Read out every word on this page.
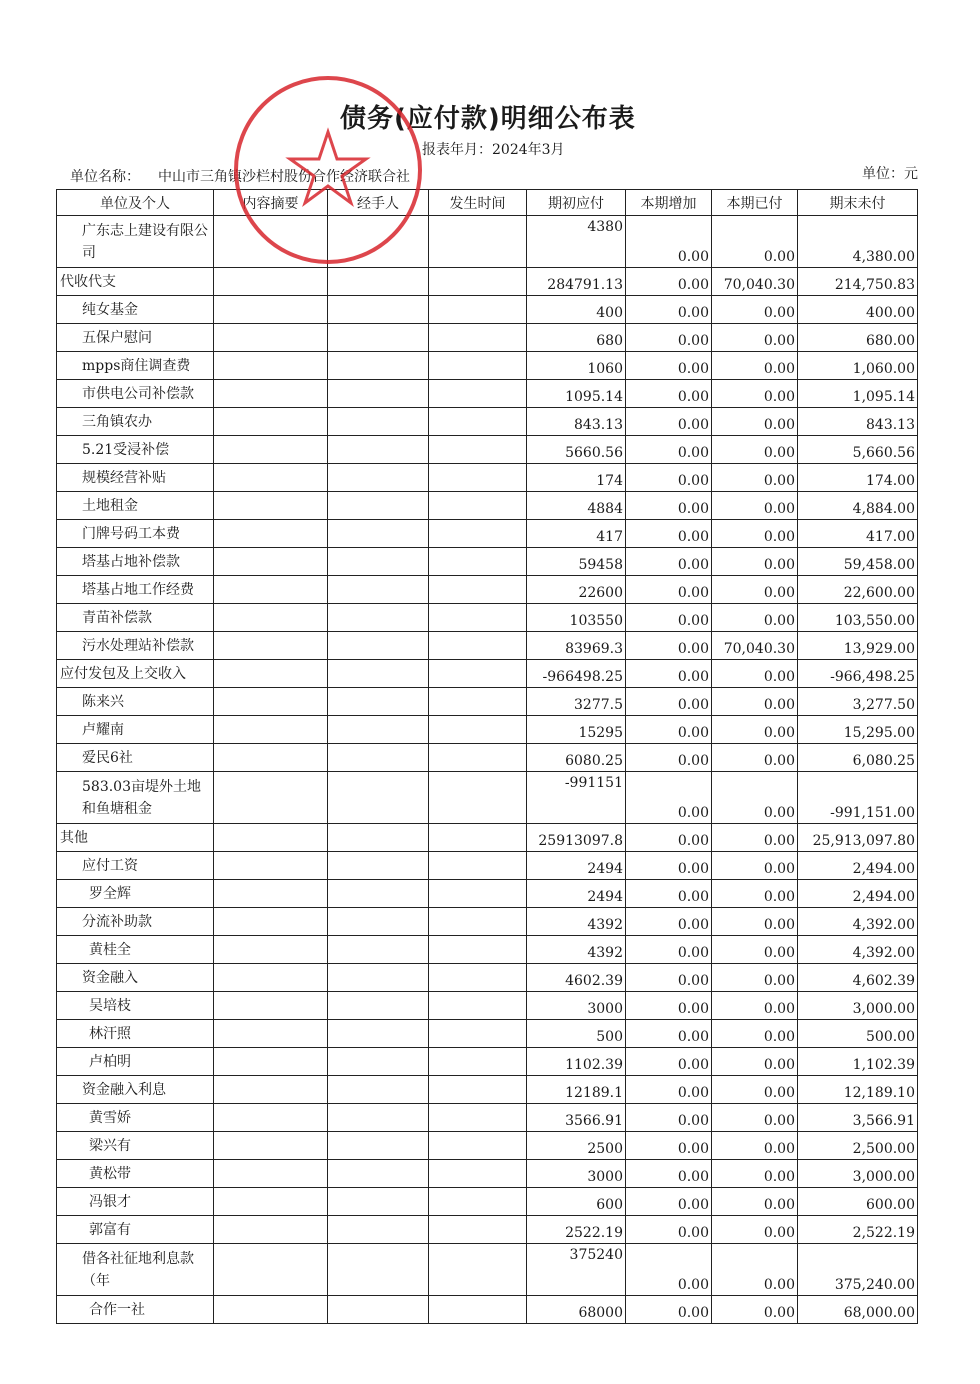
债务(应付款)明细公布表
报表年月：2024年3月
单位名称： 中山市三角镇沙栏村股份合作经济联合社	单位：元
单位及个人	内容摘要	经手人	发生时间	期初应付	本期增加	本期已付	期末未付
广东志上建设有限公司				4380	0.00	0.00	4,380.00
代收代支				284791.13	0.00	70,040.30	214,750.83
纯女基金				400	0.00	0.00	400.00
五保户慰问				680	0.00	0.00	680.00
mpps商住调查费				1060	0.00	0.00	1,060.00
市供电公司补偿款				1095.14	0.00	0.00	1,095.14
三角镇农办				843.13	0.00	0.00	843.13
5.21受浸补偿				5660.56	0.00	0.00	5,660.56
规模经营补贴				174	0.00	0.00	174.00
土地租金				4884	0.00	0.00	4,884.00
门牌号码工本费				417	0.00	0.00	417.00
塔基占地补偿款				59458	0.00	0.00	59,458.00
塔基占地工作经费				22600	0.00	0.00	22,600.00
青苗补偿款				103550	0.00	0.00	103,550.00
污水处理站补偿款				83969.3	0.00	70,040.30	13,929.00
应付发包及上交收入				-966498.25	0.00	0.00	-966,498.25
陈来兴				3277.5	0.00	0.00	3,277.50
卢耀南				15295	0.00	0.00	15,295.00
爱民6社				6080.25	0.00	0.00	6,080.25
583.03亩堤外土地和鱼塘租金				-991151	0.00	0.00	-991,151.00
其他				25913097.8	0.00	0.00	25,913,097.80
应付工资				2494	0.00	0.00	2,494.00
罗全辉				2494	0.00	0.00	2,494.00
分流补助款				4392	0.00	0.00	4,392.00
黄桂全				4392	0.00	0.00	4,392.00
资金融入				4602.39	0.00	0.00	4,602.39
吴培枝				3000	0.00	0.00	3,000.00
林汗照				500	0.00	0.00	500.00
卢柏明				1102.39	0.00	0.00	1,102.39
资金融入利息				12189.1	0.00	0.00	12,189.10
黄雪娇				3566.91	0.00	0.00	3,566.91
梁兴有				2500	0.00	0.00	2,500.00
黄松带				3000	0.00	0.00	3,000.00
冯银才				600	0.00	0.00	600.00
郭富有				2522.19	0.00	0.00	2,522.19
借各社征地利息款（年				375240	0.00	0.00	375,240.00
合作一社				68000	0.00	0.00	68,000.00
